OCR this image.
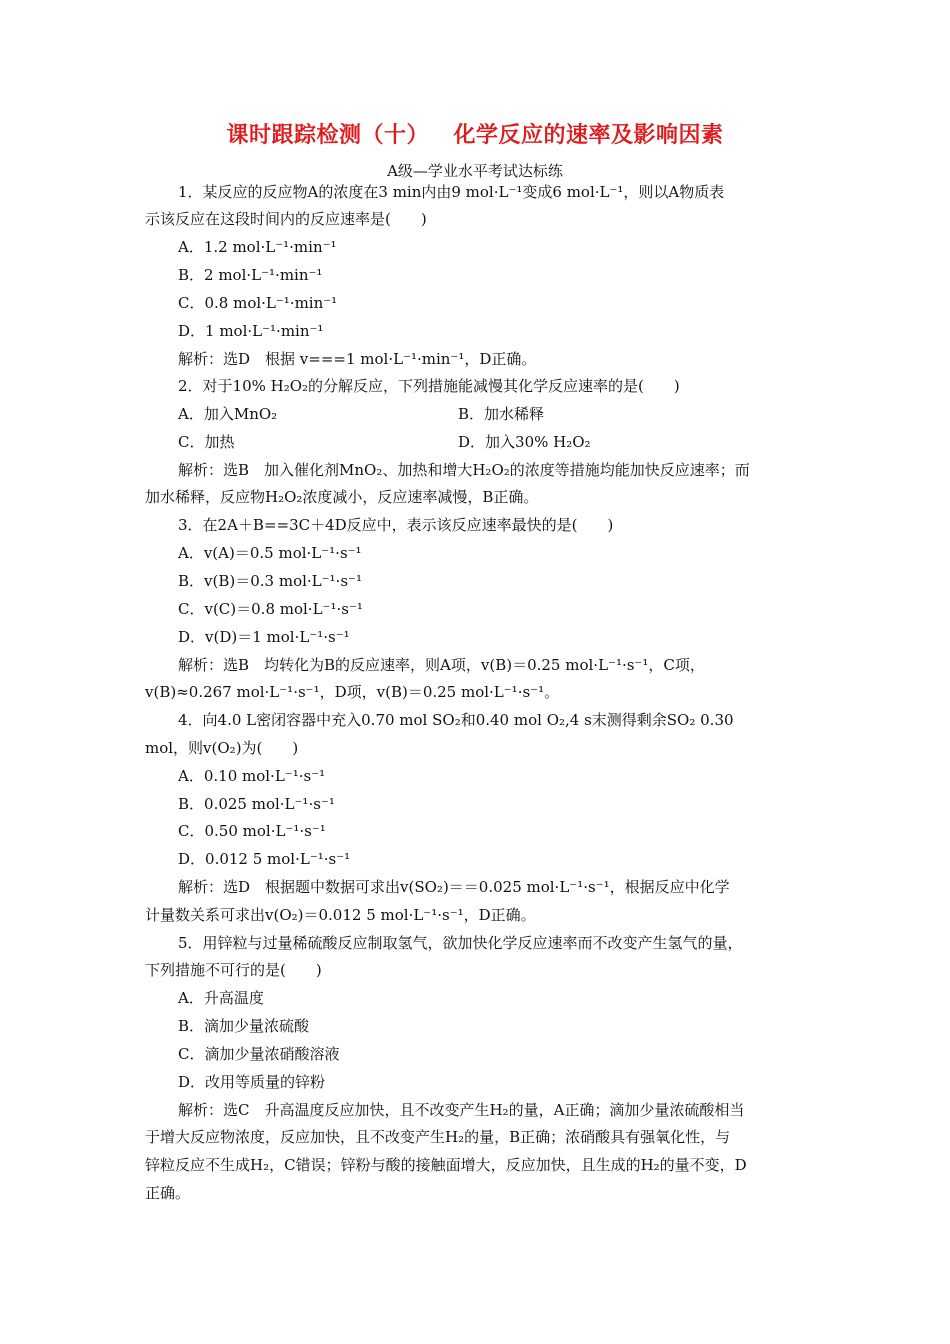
课时跟踪检测（十）   化学反应的速率及影响因素
A级—学业水平考试达标练
1．某反应的反应物A的浓度在3 min内由9 mol·L⁻¹变成6 mol·L⁻¹，则以A物质表
示该反应在这段时间内的反应速率是(　　)
A．1.2 mol·L⁻¹·min⁻¹
B．2 mol·L⁻¹·min⁻¹
C．0.8 mol·L⁻¹·min⁻¹
D．1 mol·L⁻¹·min⁻¹
解析：选D　根据 v===1 mol·L⁻¹·min⁻¹，D正确。
2．对于10% H₂O₂的分解反应，下列措施能减慢其化学反应速率的是(　　)
A．加入MnO₂	B．加水稀释
C．加热	D．加入30% H₂O₂
解析：选B　加入催化剂MnO₂、加热和增大H₂O₂的浓度等措施均能加快反应速率；而
加水稀释，反应物H₂O₂浓度减小，反应速率减慢，B正确。
3．在2A＋B==3C＋4D反应中，表示该反应速率最快的是(　　)
A．v(A)＝0.5 mol·L⁻¹·s⁻¹
B．v(B)＝0.3 mol·L⁻¹·s⁻¹
C．v(C)＝0.8 mol·L⁻¹·s⁻¹
D．v(D)＝1 mol·L⁻¹·s⁻¹
解析：选B　均转化为B的反应速率，则A项，v(B)＝0.25 mol·L⁻¹·s⁻¹，C项，
v(B)≈0.267 mol·L⁻¹·s⁻¹，D项，v(B)＝0.25 mol·L⁻¹·s⁻¹。
4．向4.0 L密闭容器中充入0.70 mol SO₂和0.40 mol O₂,4 s末测得剩余SO₂ 0.30
mol，则v(O₂)为(　　)
A．0.10 mol·L⁻¹·s⁻¹
B．0.025 mol·L⁻¹·s⁻¹
C．0.50 mol·L⁻¹·s⁻¹
D．0.012 5 mol·L⁻¹·s⁻¹
解析：选D　根据题中数据可求出v(SO₂)＝＝0.025 mol·L⁻¹·s⁻¹，根据反应中化学
计量数关系可求出v(O₂)＝0.012 5 mol·L⁻¹·s⁻¹，D正确。
5．用锌粒与过量稀硫酸反应制取氢气，欲加快化学反应速率而不改变产生氢气的量，
下列措施不可行的是(　　)
A．升高温度
B．滴加少量浓硫酸
C．滴加少量浓硝酸溶液
D．改用等质量的锌粉
解析：选C　升高温度反应加快，且不改变产生H₂的量，A正确；滴加少量浓硫酸相当
于增大反应物浓度，反应加快，且不改变产生H₂的量，B正确；浓硝酸具有强氧化性，与
锌粒反应不生成H₂，C错误；锌粉与酸的接触面增大，反应加快，且生成的H₂的量不变，D
正确。
